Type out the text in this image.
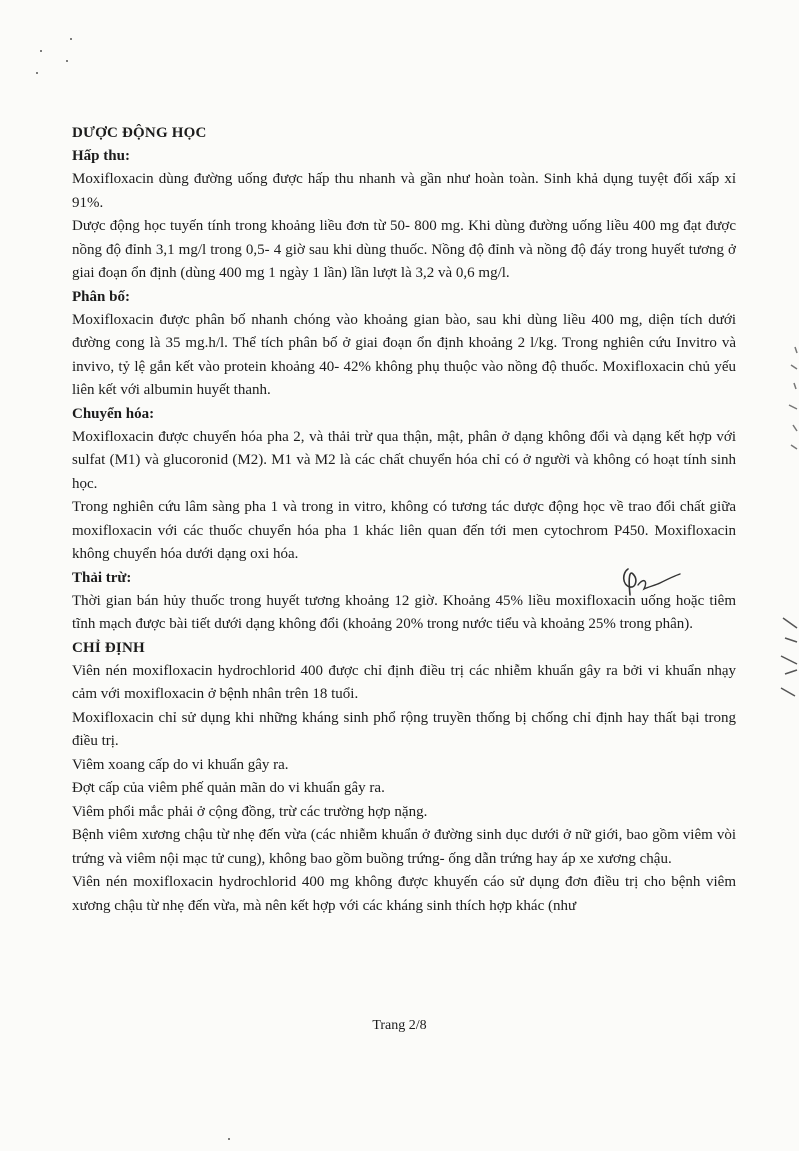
DƯỢC ĐỘNG HỌC
Hấp thu:

Moxifloxacin dùng đường uống được hấp thu nhanh và gần như hoàn toàn. Sinh khả dụng tuyệt đối xấp xỉ 91%.

Dược động học tuyến tính trong khoảng liều đơn từ 50- 800 mg. Khi dùng đường uống liều 400 mg đạt được nồng độ đỉnh 3,1 mg/l trong 0,5- 4 giờ sau khi dùng thuốc. Nồng độ đỉnh và nồng độ đáy trong huyết tương ở giai đoạn ổn định (dùng 400 mg 1 ngày 1 lần) lần lượt là 3,2 và 0,6 mg/l.

Phân bố:

Moxifloxacin được phân bố nhanh chóng vào khoảng gian bào, sau khi dùng liều 400 mg, diện tích dưới đường cong là 35 mg.h/l. Thể tích phân bố ở giai đoạn ổn định khoảng 2 l/kg. Trong nghiên cứu Invitro và invivo, tỷ lệ gắn kết vào protein khoảng 40- 42% không phụ thuộc vào nồng độ thuốc. Moxifloxacin chủ yếu liên kết với albumin huyết thanh.

Chuyển hóa:

Moxifloxacin được chuyển hóa pha 2, và thải trừ qua thận, mật, phân ở dạng không đổi và dạng kết hợp với sulfat (M1) và glucoronid (M2). M1 và M2 là các chất chuyển hóa chỉ có ở người và không có hoạt tính sinh học.

Trong nghiên cứu lâm sàng pha 1 và trong in vitro, không có tương tác dược động học về trao đổi chất giữa moxifloxacin với các thuốc chuyển hóa pha 1 khác liên quan đến tới men cytochrom P450. Moxifloxacin không chuyển hóa dưới dạng oxi hóa.

Thải trừ:

Thời gian bán hủy thuốc trong huyết tương khoảng 12 giờ. Khoảng 45% liều moxifloxacin uống hoặc tiêm tĩnh mạch được bài tiết dưới dạng không đổi (khoảng 20% trong nước tiểu và khoảng 25% trong phân).

CHỈ ĐỊNH

Viên nén moxifloxacin hydrochlorid 400 được chỉ định điều trị các nhiễm khuẩn gây ra bởi vi khuẩn nhạy cảm với moxifloxacin ở bệnh nhân trên 18 tuổi.

Moxifloxacin chỉ sử dụng khi những kháng sinh phổ rộng truyền thống bị chống chỉ định hay thất bại trong điều trị.

Viêm xoang cấp do vi khuẩn gây ra.

Đợt cấp của viêm phế quản mãn do vi khuẩn gây ra.

Viêm phổi mắc phải ở cộng đồng, trừ các trường hợp nặng.

Bệnh viêm xương chậu từ nhẹ đến vừa (các nhiễm khuẩn ở đường sinh dục dưới ở nữ giới, bao gồm viêm vòi trứng và viêm nội mạc tử cung), không bao gồm buồng trứng- ống dẫn trứng hay áp xe xương chậu.

Viên nén moxifloxacin hydrochlorid 400 mg không được khuyến cáo sử dụng đơn điều trị cho bệnh viêm xương chậu từ nhẹ đến vừa, mà nên kết hợp với các kháng sinh thích hợp khác (như

Trang 2/8
